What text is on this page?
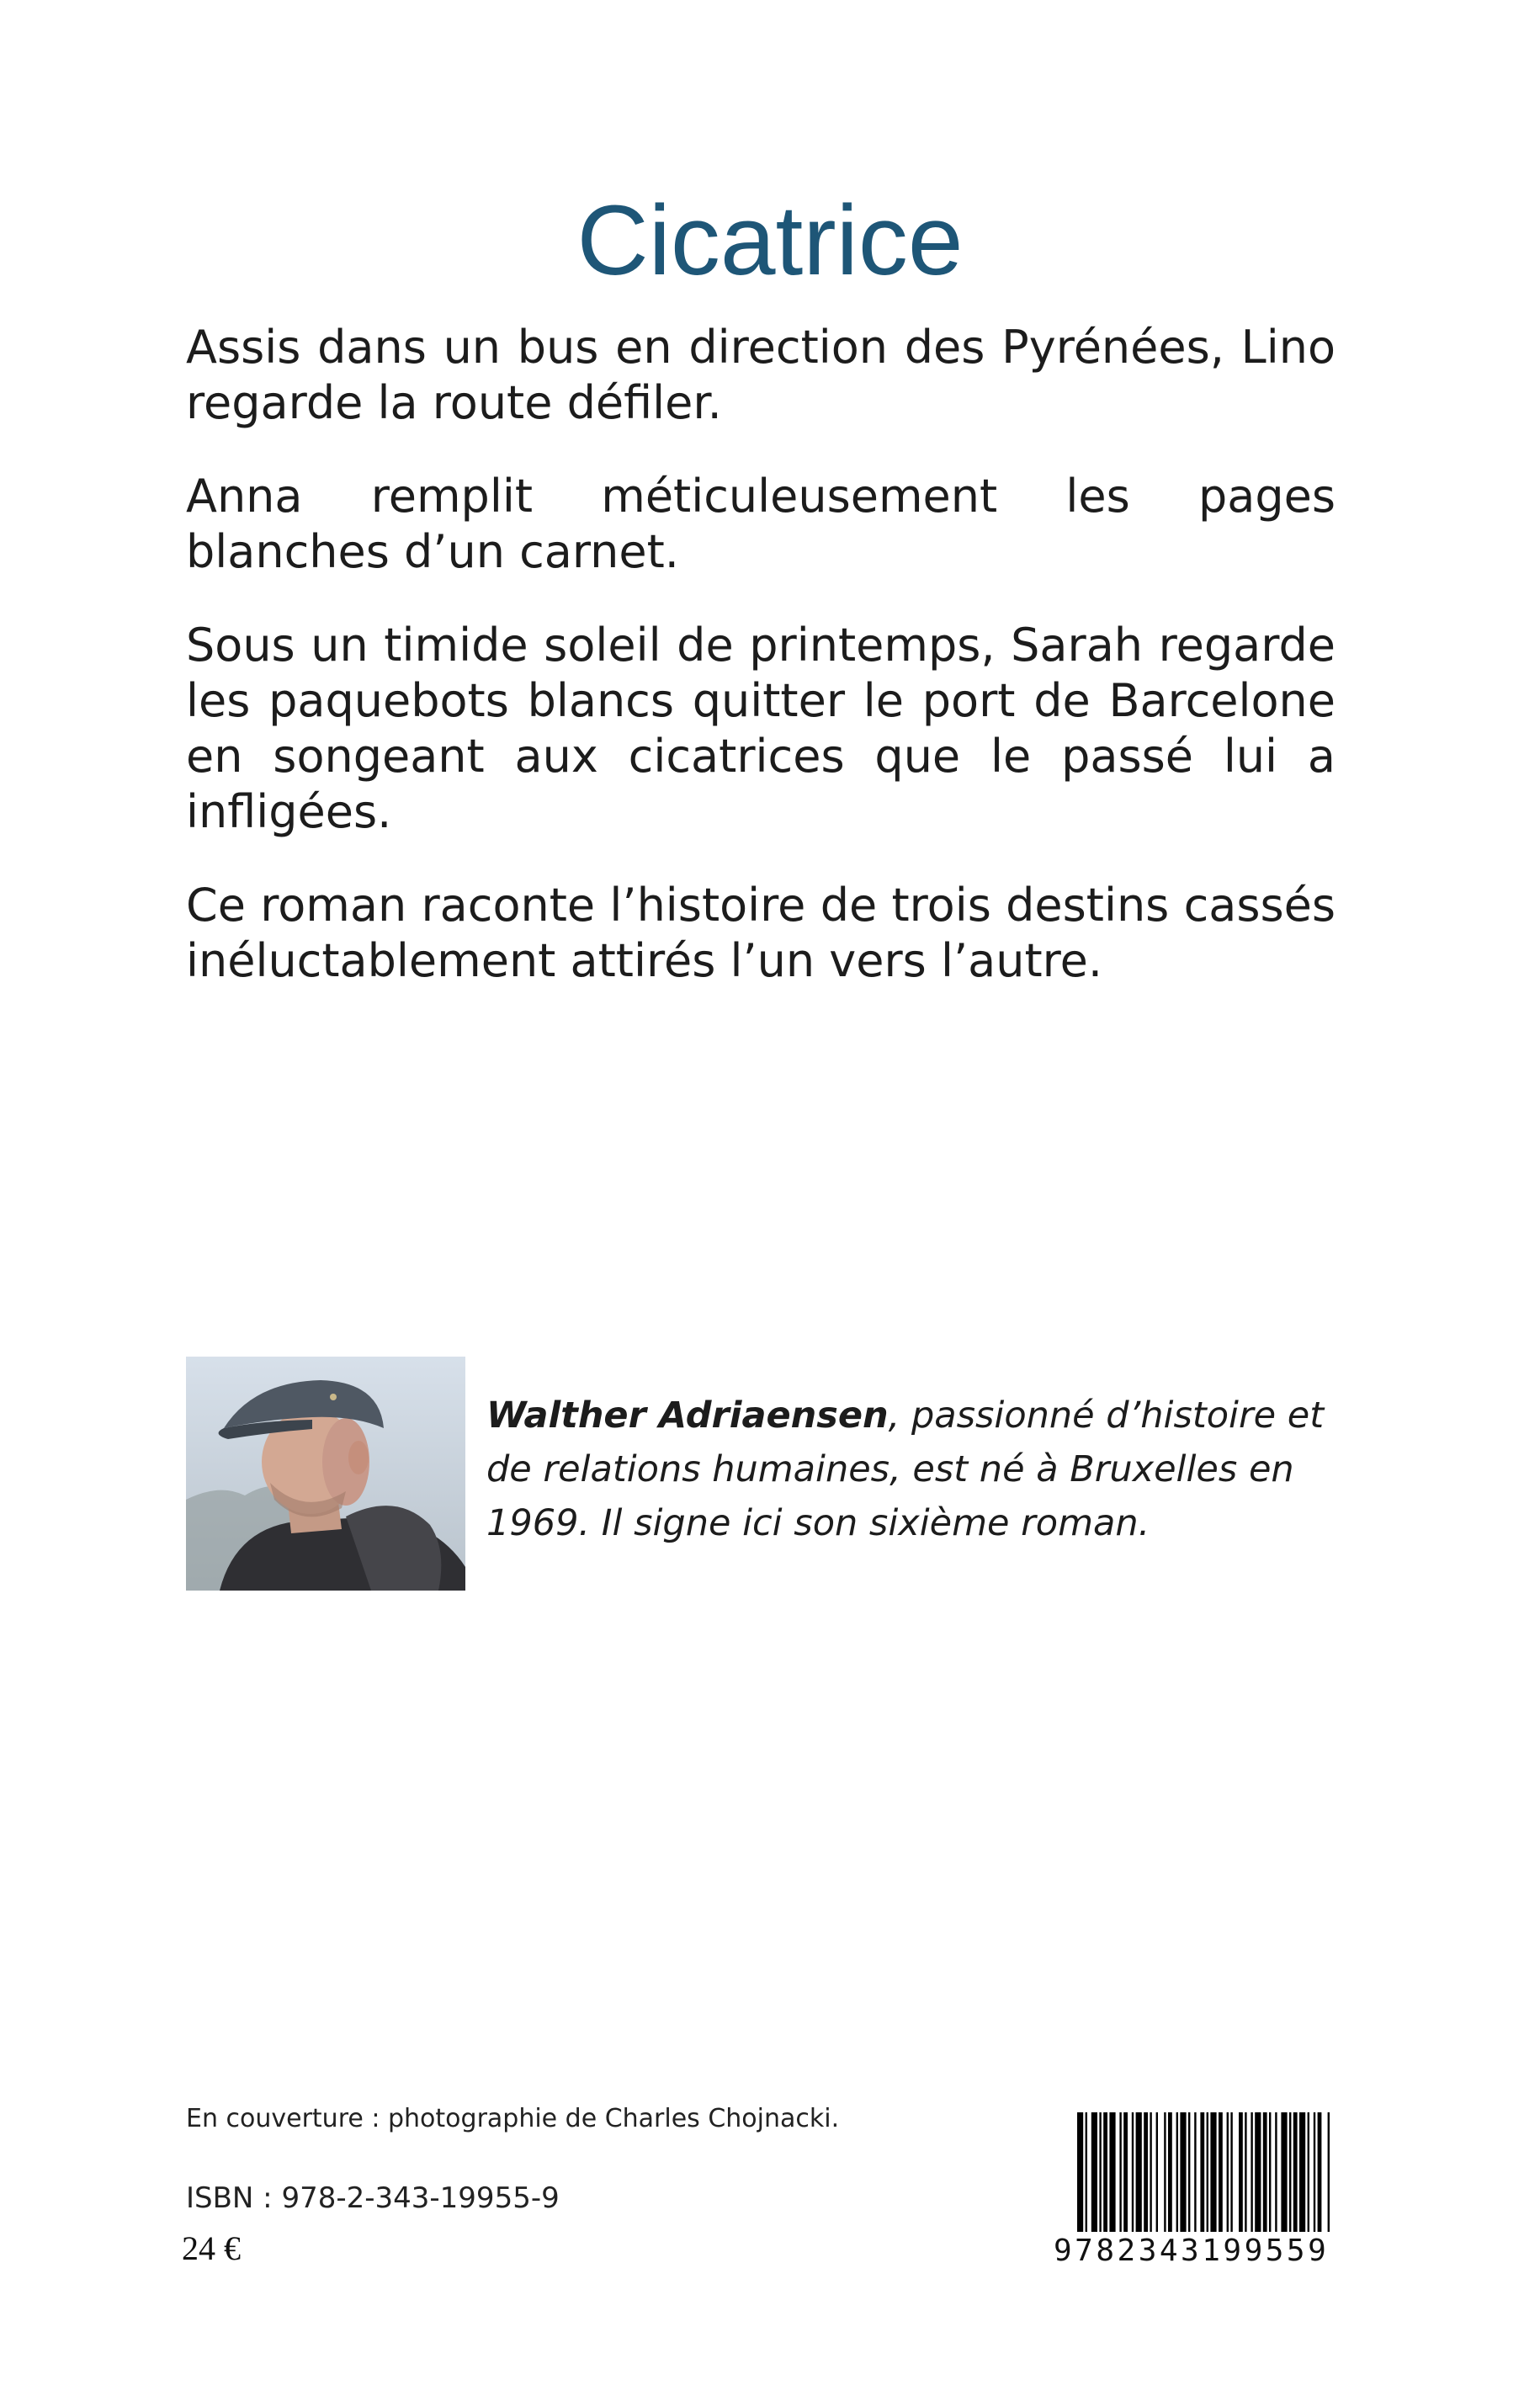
Cicatrice

Assis dans un bus en direction des Pyrénées, Lino regarde la route défiler.

Anna remplit méticuleusement les pages blanches d’un carnet.

Sous un timide soleil de printemps, Sarah regarde les paquebots blancs quitter le port de Barcelone en songeant aux cicatrices que le passé lui a infligées.

Ce roman raconte l’histoire de trois destins cassés inéluctablement attirés l’un vers l’autre.

Walther Adriaensen, passionné d’histoire et de relations humaines, est né à Bruxelles en 1969. Il signe ici son sixième roman.
En couverture : photographie de Charles Chojnacki.
ISBN : 978-2-343-19955-9
24 €	9782343199559
